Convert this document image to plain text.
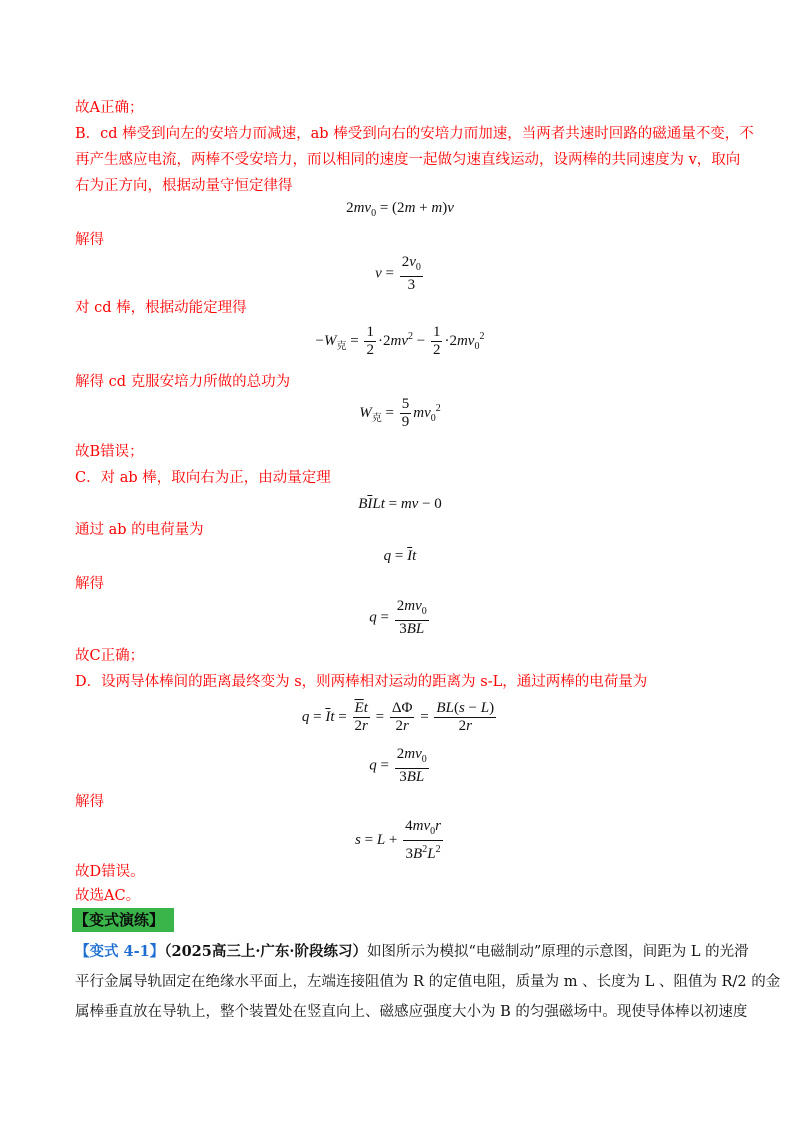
故A正确；
B．cd 棒受到向左的安培力而减速，ab 棒受到向右的安培力而加速，当两者共速时回路的磁通量不变，不
再产生感应电流，两棒不受安培力，而以相同的速度一起做匀速直线运动，设两棒的共同速度为 v，取向
右为正方向，根据动量守恒定律得
$2mv_0 = (2m + m)v$
解得
$v = \frac{2v_0}{3}$
对 cd 棒，根据动能定理得
$-W_克 = \frac{1}{2} \cdot 2mv^2 - \frac{1}{2} \cdot 2mv_0^2$
解得 cd 克服安培力所做的总功为
$W_克 = \frac{5}{9} mv_0^2$
故B错误；
C．对 ab 棒，取向右为正，由动量定理
$B\overline{I}Lt$ = mv − 0
通过 ab 的电荷量为
$q = \overline{I}t$
解得
$q = \frac{2mv_0}{3BL}$
故C正确；
D．设两导体棒间的距离最终变为 s，则两棒相对运动的距离为 s-L，通过两棒的电荷量为
$q = \overline{I}t = \frac{\overline{E}t}{2r} = \frac{\Delta\Phi}{2r} = \frac{BL(s - L)}{2r}$
$q = \frac{2mv_0}{3BL}$
解得
$s = L + \frac{4mv_0r}{3B^2L^2}$
故D错误。
故选AC。
【变式演练】
【变式 4-1】（2025高三上·广东·阶段练习）如图所示为模拟“电磁制动”原理的示意图，间距为 L 的光滑
平行金属导轨固定在绝缘水平面上，左端连接阻值为 R 的定值电阻，质量为 m 、长度为 L 、阻值为 R/2 的金
属棒垂直放在导轨上，整个装置处在竖直向上、磁感应强度大小为 B 的匀强磁场中。现使导体棒以初速度
